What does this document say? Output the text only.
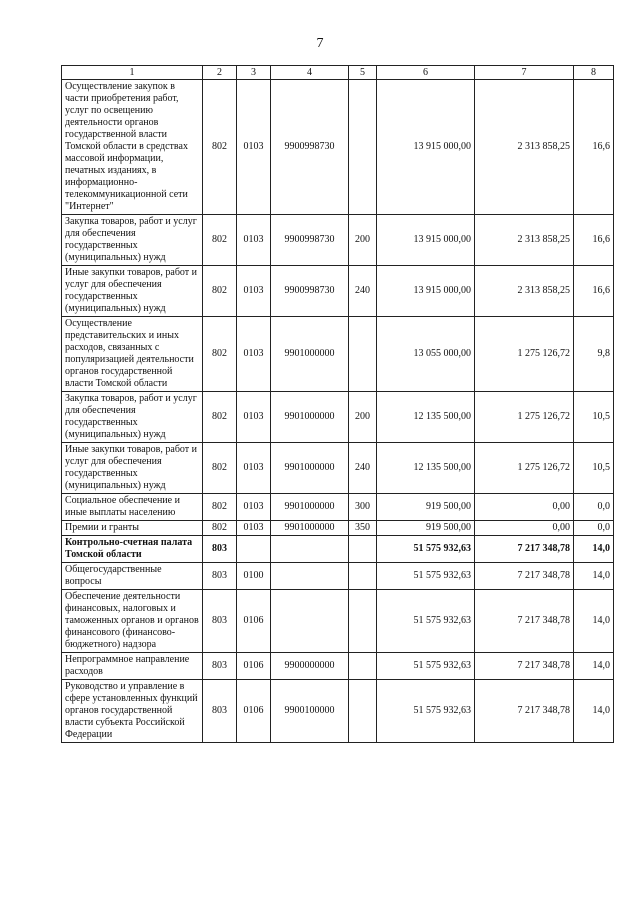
7
1	2	3	4	5	6	7	8
Осуществление закупок в части приобретения работ, услуг по освещению деятельности органов государственной власти Томской области в средствах массовой информации, печатных изданиях, в информационно-телекоммуникационной сети "Интернет"	802	0103	9900998730		13 915 000,00	2 313 858,25	16,6
Закупка товаров, работ и услуг для обеспечения государственных (муниципальных) нужд	802	0103	9900998730	200	13 915 000,00	2 313 858,25	16,6
Иные закупки товаров, работ и услуг для обеспечения государственных (муниципальных) нужд	802	0103	9900998730	240	13 915 000,00	2 313 858,25	16,6
Осуществление представительских и иных расходов, связанных с популяризацией деятельности органов государственной власти Томской области	802	0103	9901000000		13 055 000,00	1 275 126,72	9,8
Закупка товаров, работ и услуг для обеспечения государственных (муниципальных) нужд	802	0103	9901000000	200	12 135 500,00	1 275 126,72	10,5
Иные закупки товаров, работ и услуг для обеспечения государственных (муниципальных) нужд	802	0103	9901000000	240	12 135 500,00	1 275 126,72	10,5
Социальное обеспечение и иные выплаты населению	802	0103	9901000000	300	919 500,00	0,00	0,0
Премии и гранты	802	0103	9901000000	350	919 500,00	0,00	0,0
Контрольно-счетная палата Томской области	803				51 575 932,63	7 217 348,78	14,0
Общегосударственные вопросы	803	0100			51 575 932,63	7 217 348,78	14,0
Обеспечение деятельности финансовых, налоговых и таможенных органов и органов финансового (финансово-бюджетного) надзора	803	0106			51 575 932,63	7 217 348,78	14,0
Непрограммное направление расходов	803	0106	9900000000		51 575 932,63	7 217 348,78	14,0
Руководство и управление в сфере установленных функций органов государственной власти субъекта Российской Федерации	803	0106	9900100000		51 575 932,63	7 217 348,78	14,0
